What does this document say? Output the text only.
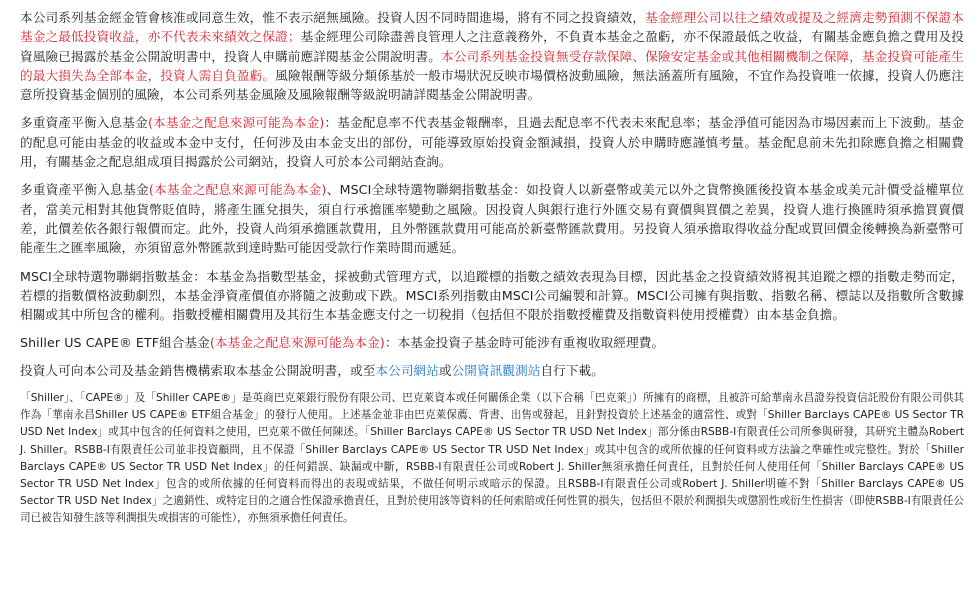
本公司系列基金經金管會核准或同意生效，惟不表示絕無風險。投資人因不同時間進場，將有不同之投資績效，基金經理公司以往之績效或提及之經濟走勢預測不保證本基金之最低投資收益，亦不代表未來績效之保證；基金經理公司除盡善良管理人之注意義務外，不負責本基金之盈虧，亦不保證最低之收益，有關基金應負擔之費用及投資風險已揭露於基金公開說明書中，投資人申購前應詳閱基金公開說明書。本公司系列基金投資無受存款保障、保險安定基金或其他相關機制之保障，基金投資可能產生的最大損失為全部本金，投資人需自負盈虧。風險報酬等級分類係基於一般市場狀況反映市場價格波動風險，無法涵蓋所有風險，不宜作為投資唯一依據，投資人仍應注意所投資基金個別的風險，本公司系列基金風險及風險報酬等級說明請詳閱基金公開說明書。

多重資產平衡入息基金(本基金之配息來源可能為本金)：基金配息率不代表基金報酬率，且過去配息率不代表未來配息率；基金淨值可能因為市場因素而上下波動。基金的配息可能由基金的收益或本金中支付，任何涉及由本金支出的部份，可能導致原始投資金額減損，投資人於申購時應謹慎考量。基金配息前未先扣除應負擔之相關費用，有關基金之配息組成項目揭露於公司網站，投資人可於本公司網站查詢。

多重資產平衡入息基金(本基金之配息來源可能為本金)、MSCI全球特選物聯網指數基金：如投資人以新臺幣或美元以外之貨幣換匯後投資本基金或美元計價受益權單位者，當美元相對其他貨幣貶值時，將產生匯兌損失，須自行承擔匯率變動之風險。因投資人與銀行進行外匯交易有賣價與買價之差異，投資人進行換匯時須承擔買賣價差，此價差依各銀行報價而定。此外，投資人尚須承擔匯款費用，且外幣匯款費用可能高於新臺幣匯款費用。另投資人須承擔取得收益分配或買回價金後轉換為新臺幣可能產生之匯率風險，亦須留意外幣匯款到達時點可能因受款行作業時間而遞延。

MSCI全球特選物聯網指數基金：本基金為指數型基金，採被動式管理方式，以追蹤標的指數之績效表現為目標，因此基金之投資績效將視其追蹤之標的指數走勢而定，若標的指數價格波動劇烈，本基金淨資產價值亦將隨之波動或下跌。MSCI系列指數由MSCI公司編製和計算。MSCI公司擁有與指數、指數名稱、標誌以及指數所含數據相關或其中所包含的權利。指數授權相關費用及其衍生本基金應支付之一切稅捐（包括但不限於指數授權費及指數資料使用授權費）由本基金負擔。

Shiller US CAPE® ETF組合基金(本基金之配息來源可能為本金)：本基金投資子基金時可能涉有重複收取經理費。

投資人可向本公司及基金銷售機構索取本基金公開說明書，或至本公司網站或公開資訊觀測站自行下載。

「Shiller」、「CAPE®」及「Shiller CAPE®」是英商巴克萊銀行股份有限公司、巴克萊資本或任何關係企業（以下合稱「巴克萊」）所擁有的商標，且被許可給華南永昌證券投資信託股份有限公司供其作為「華南永昌Shiller US CAPE® ETF組合基金」的發行人使用。上述基金並非由巴克萊保薦、背書、出售或發起，且針對投資於上述基金的適當性、或對「Shiller Barclays CAPE® US Sector TR USD Net Index」或其中包含的任何資料之使用，巴克萊不做任何陳述。「Shiller Barclays CAPE® US Sector TR USD Net Index」部分係由RSBB-I有限責任公司所參與研發，其研究主體為Robert J. Shiller。RSBB-I有限責任公司並非投資顧問，且不保證「Shiller Barclays CAPE® US Sector TR USD Net Index」或其中包含的或所依據的任何資料或方法論之準確性或完整性。對於「Shiller Barclays CAPE® US Sector TR USD Net Index」的任何錯誤、缺漏或中斷，RSBB-I有限責任公司或Robert J. Shiller無須承擔任何責任，且對於任何人使用任何「Shiller Barclays CAPE® US Sector TR USD Net Index」包含的或所依據的任何資料而得出的表現或結果，不做任何明示或暗示的保證。且RSBB-I有限責任公司或Robert J. Shiller明確不對「Shiller Barclays CAPE® US Sector TR USD Net Index」之適銷性、或特定目的之適合性保證承擔責任，且對於使用該等資料的任何索賠或任何性質的損失，包括但不限於利潤損失或懲罰性或衍生性損害（即使RSBB-I有限責任公司已被告知發生該等利潤損失或損害的可能性），亦無須承擔任何責任。
